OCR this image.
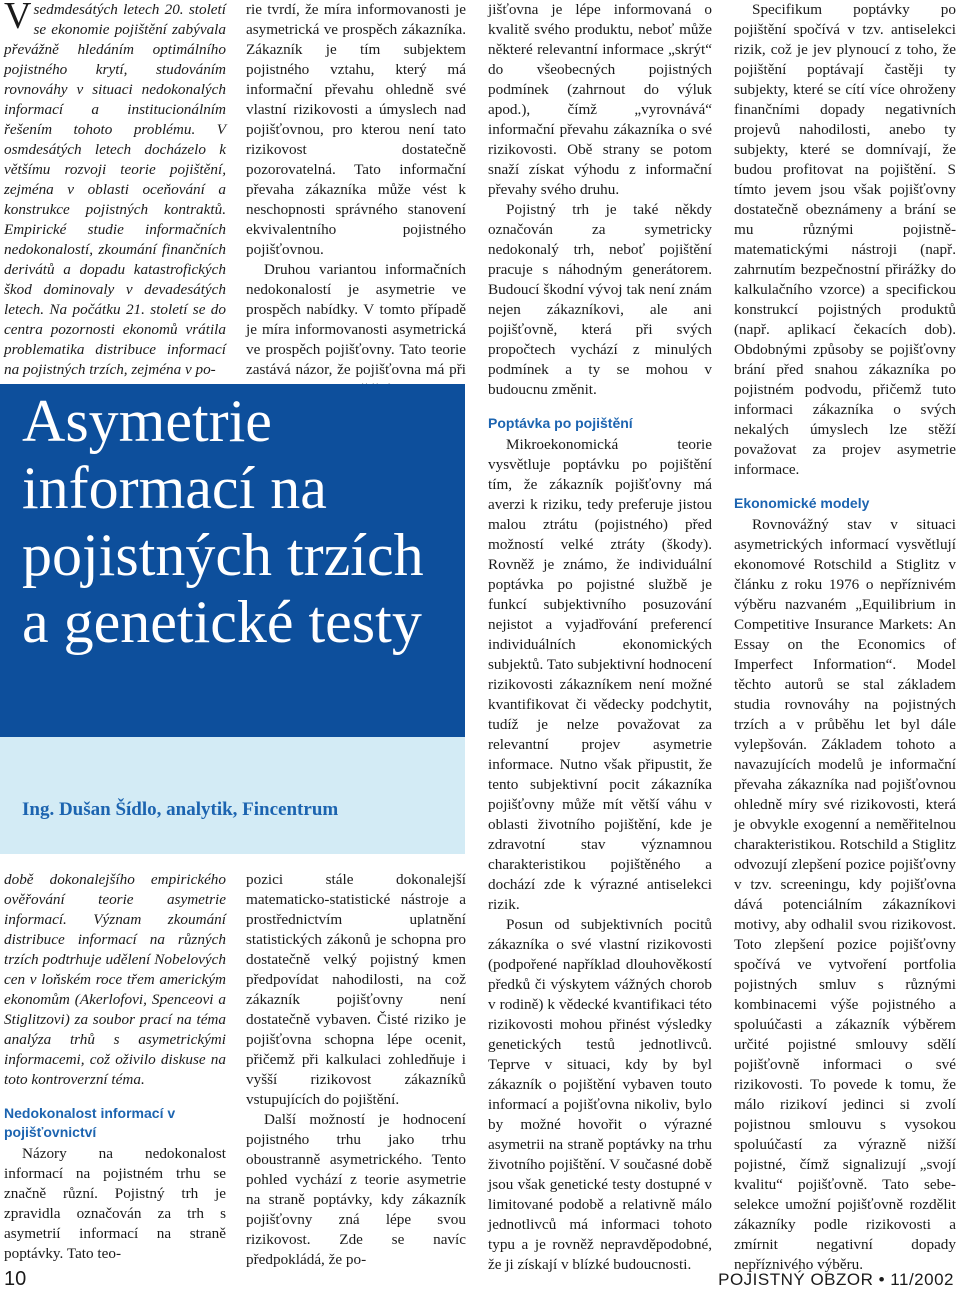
Vsedmdesátých letech 20. století se ekonomie pojištění zabývala převážně hledáním optimálního pojistného krytí, studováním rovnováhy v situaci nedokonalých informací a institucionálním řešením tohoto problému. V osmdesátých letech docházelo k většímu rozvoji teorie pojištění, zejména v oblasti oceňování a konstrukce pojistných kontraktů. Empirické studie informačních nedokonalostí, zkoumání finančních derivátů a dopadu katastrofických škod dominovaly v devadesátých letech. Na počátku 21. století se do centra pozornosti ekonomů vrátila problematika distribuce informací na pojistných trzích, zejména v po-

rie tvrdí, že míra informovanosti je asymetrická ve prospěch zákazníka. Zákazník je tím subjektem pojistného vztahu, který má informační převahu ohledně své vlastní rizikovosti a úmyslech nad pojišťovnou, pro kterou není tato rizikovost dostatečně pozorovatelná. Tato informační převaha zákazníka může vést k neschopnosti správného stanovení ekvivalentního pojistného pojišťovnou.

Druhou variantou informačních nedokonalostí je asymetrie ve prospěch nabídky. V tomto případě je míra informovanosti asymetrická ve prospěch pojišťovny. Tato teorie zastává názor, že pojišťovna má při

Asymetrie informací na pojistných trzích a genetické testy

Ing. Dušan Šídlo, analytik, Fincentrum

době dokonalejšího empirického ověřování teorie asymetrie informací. Význam zkoumání distribuce informací na různých trzích podtrhuje udělení Nobelových cen v loňském roce třem americkým ekonomům (Akerlofovi, Spenceovi a Stiglitzovi) za soubor prací na téma analýza trhů s asymetrickými informacemi, což oživilo diskuse na toto kontroverzní téma.

Nedokonalost informací v pojišťovnictví

Názory na nedokonalost informací na pojistném trhu se značně různí. Pojistný trh je zpravidla označován za trh s asymetrií informací na straně poptávky. Tato teo-

pozici stále dokonalejší matematicko-statistické nástroje a prostřednictvím uplatnění statistických zákonů je schopna pro dostatečně velký pojistný kmen předpovídat nahodilosti, na což zákazník pojišťovny není dostatečně vybaven. Čisté riziko je pojišťovna schopna lépe ocenit, přičemž při kalkulaci zohledňuje i vyšší rizikovost zákazníků vstupujících do pojištění.

Další možností je hodnocení pojistného trhu jako trhu oboustranně asymetrického. Tento pohled vychází z teorie asymetrie na straně poptávky, kdy zákazník pojišťovny zná lépe svou rizikovost. Zde se navíc předpokládá, že po-

jišťovna je lépe informovaná o kvalitě svého produktu, neboť může některé relevantní informace „skrýt“ do všeobecných pojistných podmínek (zahrnout do výluk apod.), čímž „vyrovnává“ informační převahu zákazníka o své rizikovosti. Obě strany se potom snaží získat výhodu z informační převahy svého druhu.

Pojistný trh je také někdy označován za symetricky nedokonalý trh, neboť pojištění pracuje s náhodným generátorem. Budoucí škodní vývoj tak není znám nejen zákazníkovi, ale ani pojišťovně, která při svých propočtech vychází z minulých podmínek a ty se mohou v budoucnu změnit.

Poptávka po pojištění

Mikroekonomická teorie vysvětluje poptávku po pojištění tím, že zákazník pojišťovny má averzi k riziku, tedy preferuje jistou malou ztrátu (pojistného) před možností velké ztráty (škody). Rovněž je známo, že individuální poptávka po pojistné službě je funkcí subjektivního posuzování nejistot a vyjadřování preferencí individuálních ekonomických subjektů. Tato subjektivní hodnocení rizikovosti zákazníkem není možné kvantifikovat či vědecky podchytit, tudíž je nelze považovat za relevantní projev asymetrie informace. Nutno však připustit, že tento subjektivní pocit zákazníka pojišťovny může mít větší váhu v oblasti životního pojištění, kde je zdravotní stav významnou charakteristikou pojištěného a dochází zde k výrazné antiselekci rizik.

Posun od subjektivních pocitů zákazníka o své vlastní rizikovosti (podpořené například dlouhověkostí předků či výskytem vážných chorob v rodině) k vědecké kvantifikaci této rizikovosti mohou přinést výsledky genetických testů jednotlivců. Teprve v situaci, kdy by byl zákazník o pojištění vybaven touto informací a pojišťovna nikoliv, bylo by možné hovořit o výrazné asymetrii na straně poptávky na trhu životního pojištění. V současné době jsou však genetické testy dostupné v limitované podobě a relativně málo jednotlivců má informaci tohoto typu a je rovněž nepravděpodobné, že ji získají v blízké budoucnosti.

Specifikum poptávky po pojištění spočívá v tzv. antiselekci rizik, což je jev plynoucí z toho, že pojištění poptávají častěji ty subjekty, které se cítí více ohroženy finančními dopady negativních projevů nahodilosti, anebo ty subjekty, které se domnívají, že budou profitovat na pojištění. S tímto jevem jsou však pojišťovny dostatečně obeznámeny a brání se mu různými pojistně-matematickými nástroji (např. zahrnutím bezpečnostní přirážky do kalkulačního vzorce) a specifickou konstrukcí pojistných produktů (např. aplikací čekacích dob). Obdobnými způsoby se pojišťovny brání před snahou zákazníka po pojistném podvodu, přičemž tuto informaci zákazníka o svých nekalých úmyslech lze stěží považovat za projev asymetrie informace.

Ekonomické modely

Rovnovážný stav v situaci asymetrických informací vysvětlují ekonomové Rotschild a Stiglitz v článku z roku 1976 o nepříznivém výběru nazvaném „Equilibrium in Competitive Insurance Markets: An Essay on the Economics of Imperfect Information“. Model těchto autorů se stal základem studia rovnováhy na pojistných trzích a v průběhu let byl dále vylepšován. Základem tohoto a navazujících modelů je informační převaha zákazníka nad pojišťovnou ohledně míry své rizikovosti, která je obvykle exogenní a neměřitelnou charakteristikou. Rotschild a Stiglitz odvozují zlepšení pozice pojišťovny v tzv. screeningu, kdy pojišťovna dává potenciálním zákazníkovi motivy, aby odhalil svou rizikovost. Toto zlepšení pozice pojišťovny spočívá ve vytvoření portfolia pojistných smluv s různými kombinacemi výše pojistného a spoluúčasti a zákazník výběrem určité pojistné smlouvy sdělí pojišťovně informaci o své rizikovosti. To povede k tomu, že málo rizikoví jedinci si zvolí pojistnou smlouvu s vysokou spoluúčastí za výrazně nižší pojistné, čímž signalizují „svojí kvalitu“ pojišťovně. Tato sebe-selekce umožní pojišťovně rozdělit zákazníky podle rizikovosti a zmírnit negativní dopady nepříznivého výběru.

10	POJISTNÝ OBZOR • 11/2002
